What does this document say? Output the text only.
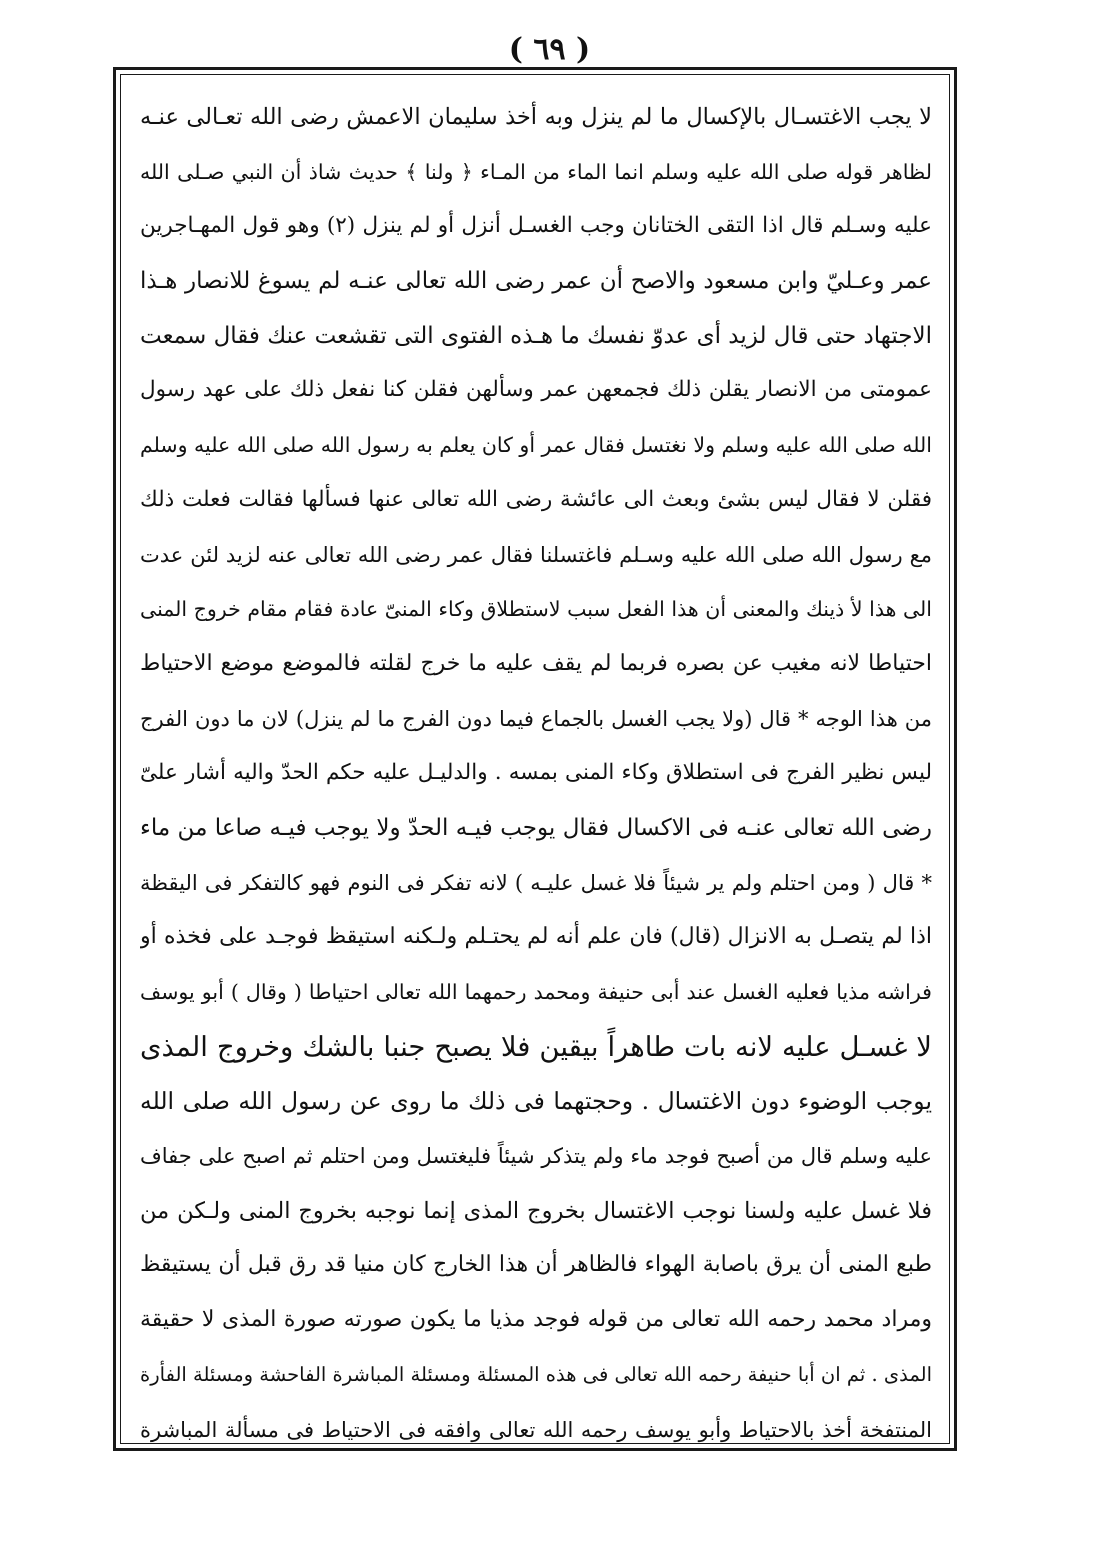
( ٦٩ )
لا يجب الاغتسـال بالإكسال ما لم ينزل وبه أخذ سليمان الاعمش رضى الله تعـالى عنـه
لظاهر قوله صلى الله عليه وسلم انما الماء من المـاء ﴿ ولنا ﴾ حديث شاذ أن النبي صـلى الله
عليه وسـلم قال اذا التقى الختانان وجب الغسـل أنزل أو لم ينزل (٢) وهو قول المهـاجرين
عمر وعـليّ وابن مسعود والاصح أن عمر رضى الله تعالى عنـه لم يسوغ للانصار هـذا
الاجتهاد حتى قال لزيد أى عدوّ نفسك ما هـذه الفتوى التى تقشعت عنك فقال سمعت
عمومتى من الانصار يقلن ذلك فجمعهن عمر وسألهن فقلن كنا نفعل ذلك على عهد رسول
الله صلى الله عليه وسلم ولا نغتسل فقال عمر أو كان يعلم به رسول الله صلى الله عليه وسلم
فقلن لا فقال ليس بشئ وبعث الى عائشة رضى الله تعالى عنها فسألها فقالت فعلت ذلك
مع رسول الله صلى الله عليه وسـلم فاغتسلنا فقال عمر رضى الله تعالى عنه لزيد لئن عدت
الى هذا لأ ذينك والمعنى أن هذا الفعل سبب لاستطلاق وكاء المنىّ عادة فقام مقام خروج المنى
احتياطا لانه مغيب عن بصره فربما لم يقف عليه ما خرج لقلته فالموضع موضع الاحتياط
من هذا الوجه * قال (ولا يجب الغسل بالجماع فيما دون الفرج ما لم ينزل) لان ما دون الفرج
ليس نظير الفرج فى استطلاق وكاء المنى بمسه . والدليـل عليه حكم الحدّ واليه أشار علىّ
رضى الله تعالى عنـه فى الاكسال فقال يوجب فيـه الحدّ ولا يوجب فيـه صاعا من ماء
* قال ( ومن احتلم ولم ير شيئاً فلا غسل عليـه ) لانه تفكر فى النوم فهو كالتفكر فى اليقظة
اذا لم يتصـل به الانزال (قال) فان علم أنه لم يحتـلم ولـكنه استيقظ فوجـد على فخذه أو
فراشه مذيا فعليه الغسل عند أبى حنيفة ومحمد رحمهما الله تعالى احتياطا ( وقال ) أبو يوسف
لا غسـل عليه لانه بات طاهراً بيقين فلا يصبح جنبا بالشك وخروج المذى
يوجب الوضوء دون الاغتسال . وحجتهما فى ذلك ما روى عن رسول الله صلى الله
عليه وسلم قال من أصبح فوجد ماء ولم يتذكر شيئاً فليغتسل ومن احتلم ثم اصبح على جفاف
فلا غسل عليه ولسنا نوجب الاغتسال بخروج المذى إنما نوجبه بخروج المنى ولـكن من
طبع المنى أن يرق باصابة الهواء فالظاهر أن هذا الخارج كان منيا قد رق قبل أن يستيقظ
ومراد محمد رحمه الله تعالى من قوله فوجد مذيا ما يكون صورته صورة المذى لا حقيقة
المذى . ثم ان أبا حنيفة رحمه الله تعالى فى هذه المسئلة ومسئلة المباشرة الفاحشة ومسئلة الفأرة
المنتفخة أخذ بالاحتياط وأبو يوسف رحمه الله تعالى وافقه فى الاحتياط فى مسألة المباشرة
